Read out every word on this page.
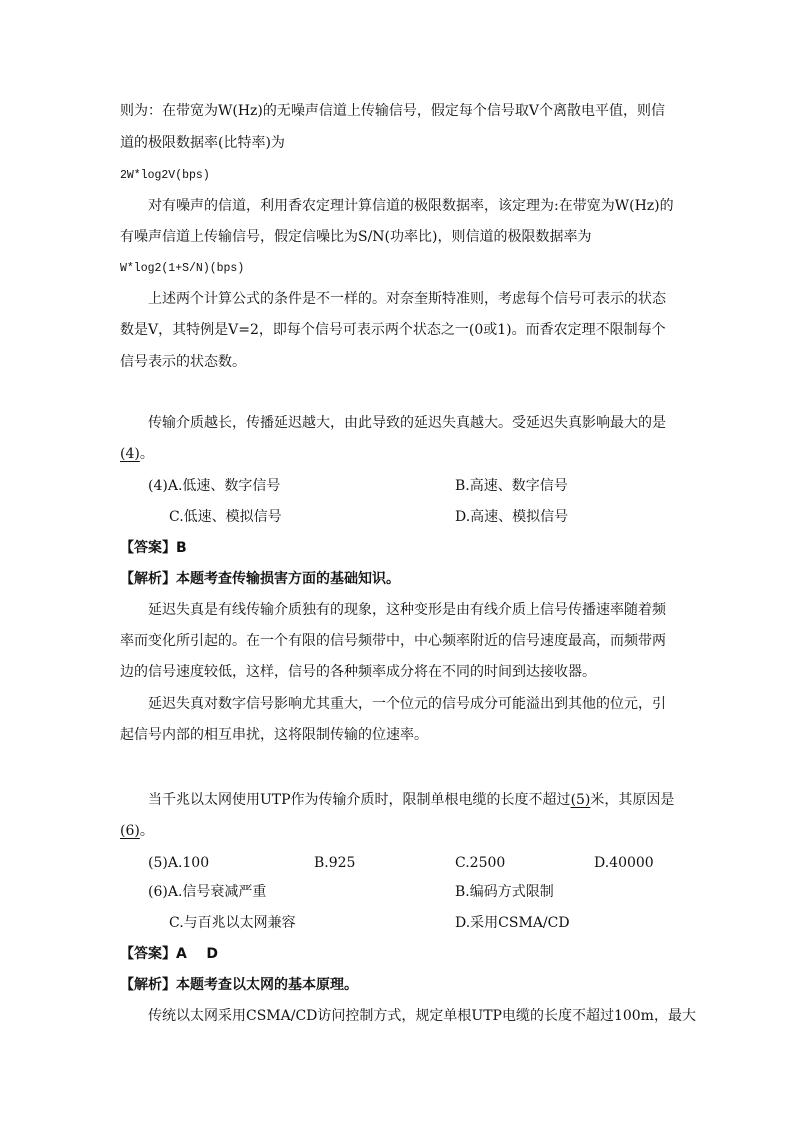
则为：在带宽为W(Hz)的无噪声信道上传输信号，假定每个信号取V个离散电平值，则信
道的极限数据率(比特率)为
2W*log2V(bps)
对有噪声的信道，利用香农定理计算信道的极限数据率，该定理为:在带宽为W(Hz)的
有噪声信道上传输信号，假定信噪比为S/N(功率比)，则信道的极限数据率为
W*log2(1+S/N)(bps)
上述两个计算公式的条件是不一样的。对奈奎斯特准则，考虑每个信号可表示的状态
数是V，其特例是V=2，即每个信号可表示两个状态之一(0或1)。而香农定理不限制每个
信号表示的状态数。
传输介质越长，传播延迟越大，由此导致的延迟失真越大。受延迟失真影响最大的是
(4)。
(4)A.低速、数字信号	B.高速、数字信号
C.低速、模拟信号	D.高速、模拟信号
【答案】B
【解析】本题考查传输损害方面的基础知识。
延迟失真是有线传输介质独有的现象，这种变形是由有线介质上信号传播速率随着频
率而变化所引起的。在一个有限的信号频带中，中心频率附近的信号速度最高，而频带两
边的信号速度较低，这样，信号的各种频率成分将在不同的时间到达接收器。
延迟失真对数字信号影响尤其重大，一个位元的信号成分可能溢出到其他的位元，引
起信号内部的相互串扰，这将限制传输的位速率。
当千兆以太网使用UTP作为传输介质时，限制单根电缆的长度不超过(5)米，其原因是
(6)。
(5)A.100	B.925	C.2500	D.40000
(6)A.信号衰减严重	B.编码方式限制
C.与百兆以太网兼容	D.采用CSMA/CD
【答案】A    D
【解析】本题考查以太网的基本原理。
传统以太网采用CSMA/CD访问控制方式，规定单根UTP电缆的长度不超过100m，最大
